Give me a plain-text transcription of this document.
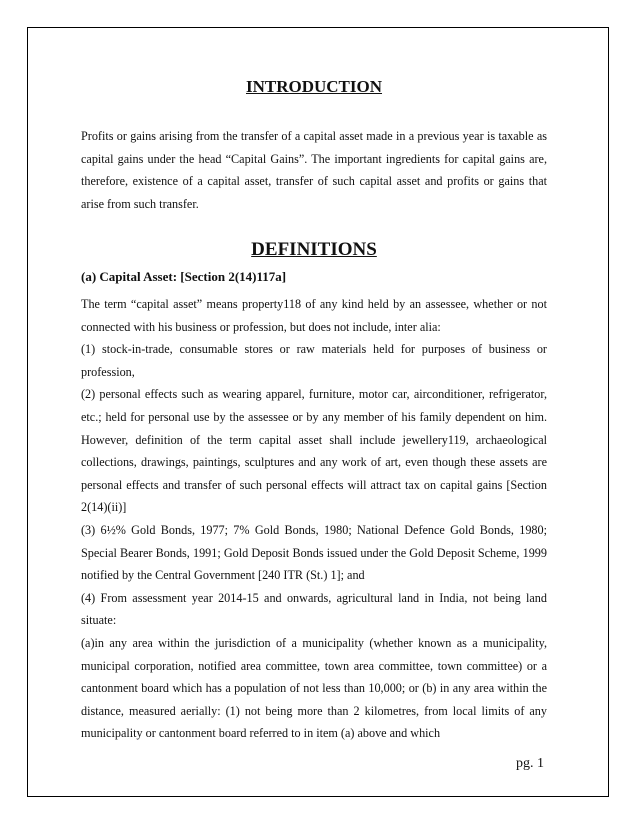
INTRODUCTION

Profits or gains arising from the transfer of a capital asset made in a previous year is taxable as capital gains under the head “Capital Gains”. The important ingredients for capital gains are, therefore, existence of a capital asset, transfer of such capital asset and profits or gains that arise from such transfer.

DEFINITIONS
(a) Capital Asset: [Section 2(14)117a]
The term “capital asset” means property118 of any kind held by an assessee, whether or not connected with his business or profession, but does not include, inter alia:
(1) stock-in-trade, consumable stores or raw materials held for purposes of business or profession,
(2) personal effects such as wearing apparel, furniture, motor car, airconditioner, refrigerator, etc.; held for personal use by the assessee or by any member of his family dependent on him. However, definition of the term capital asset shall include jewellery119, archaeological collections, drawings, paintings, sculptures and any work of art, even though these assets are personal effects and transfer of such personal effects will attract tax on capital gains [Section 2(14)(ii)]
(3) 6½% Gold Bonds, 1977; 7% Gold Bonds, 1980; National Defence Gold Bonds, 1980; Special Bearer Bonds, 1991; Gold Deposit Bonds issued under the Gold Deposit Scheme, 1999 notified by the Central Government [240 ITR (St.) 1]; and
(4) From assessment year 2014-15 and onwards, agricultural land in India, not being land situate:
(a)in any area within the jurisdiction of a municipality (whether known as a municipality, municipal corporation, notified area committee, town area committee, town committee) or a cantonment board which has a population of not less than 10,000; or (b) in any area within the distance, measured aerially: (1) not being more than 2 kilometres, from local limits of any municipality or cantonment board referred to in item (a) above and which
pg. 1
